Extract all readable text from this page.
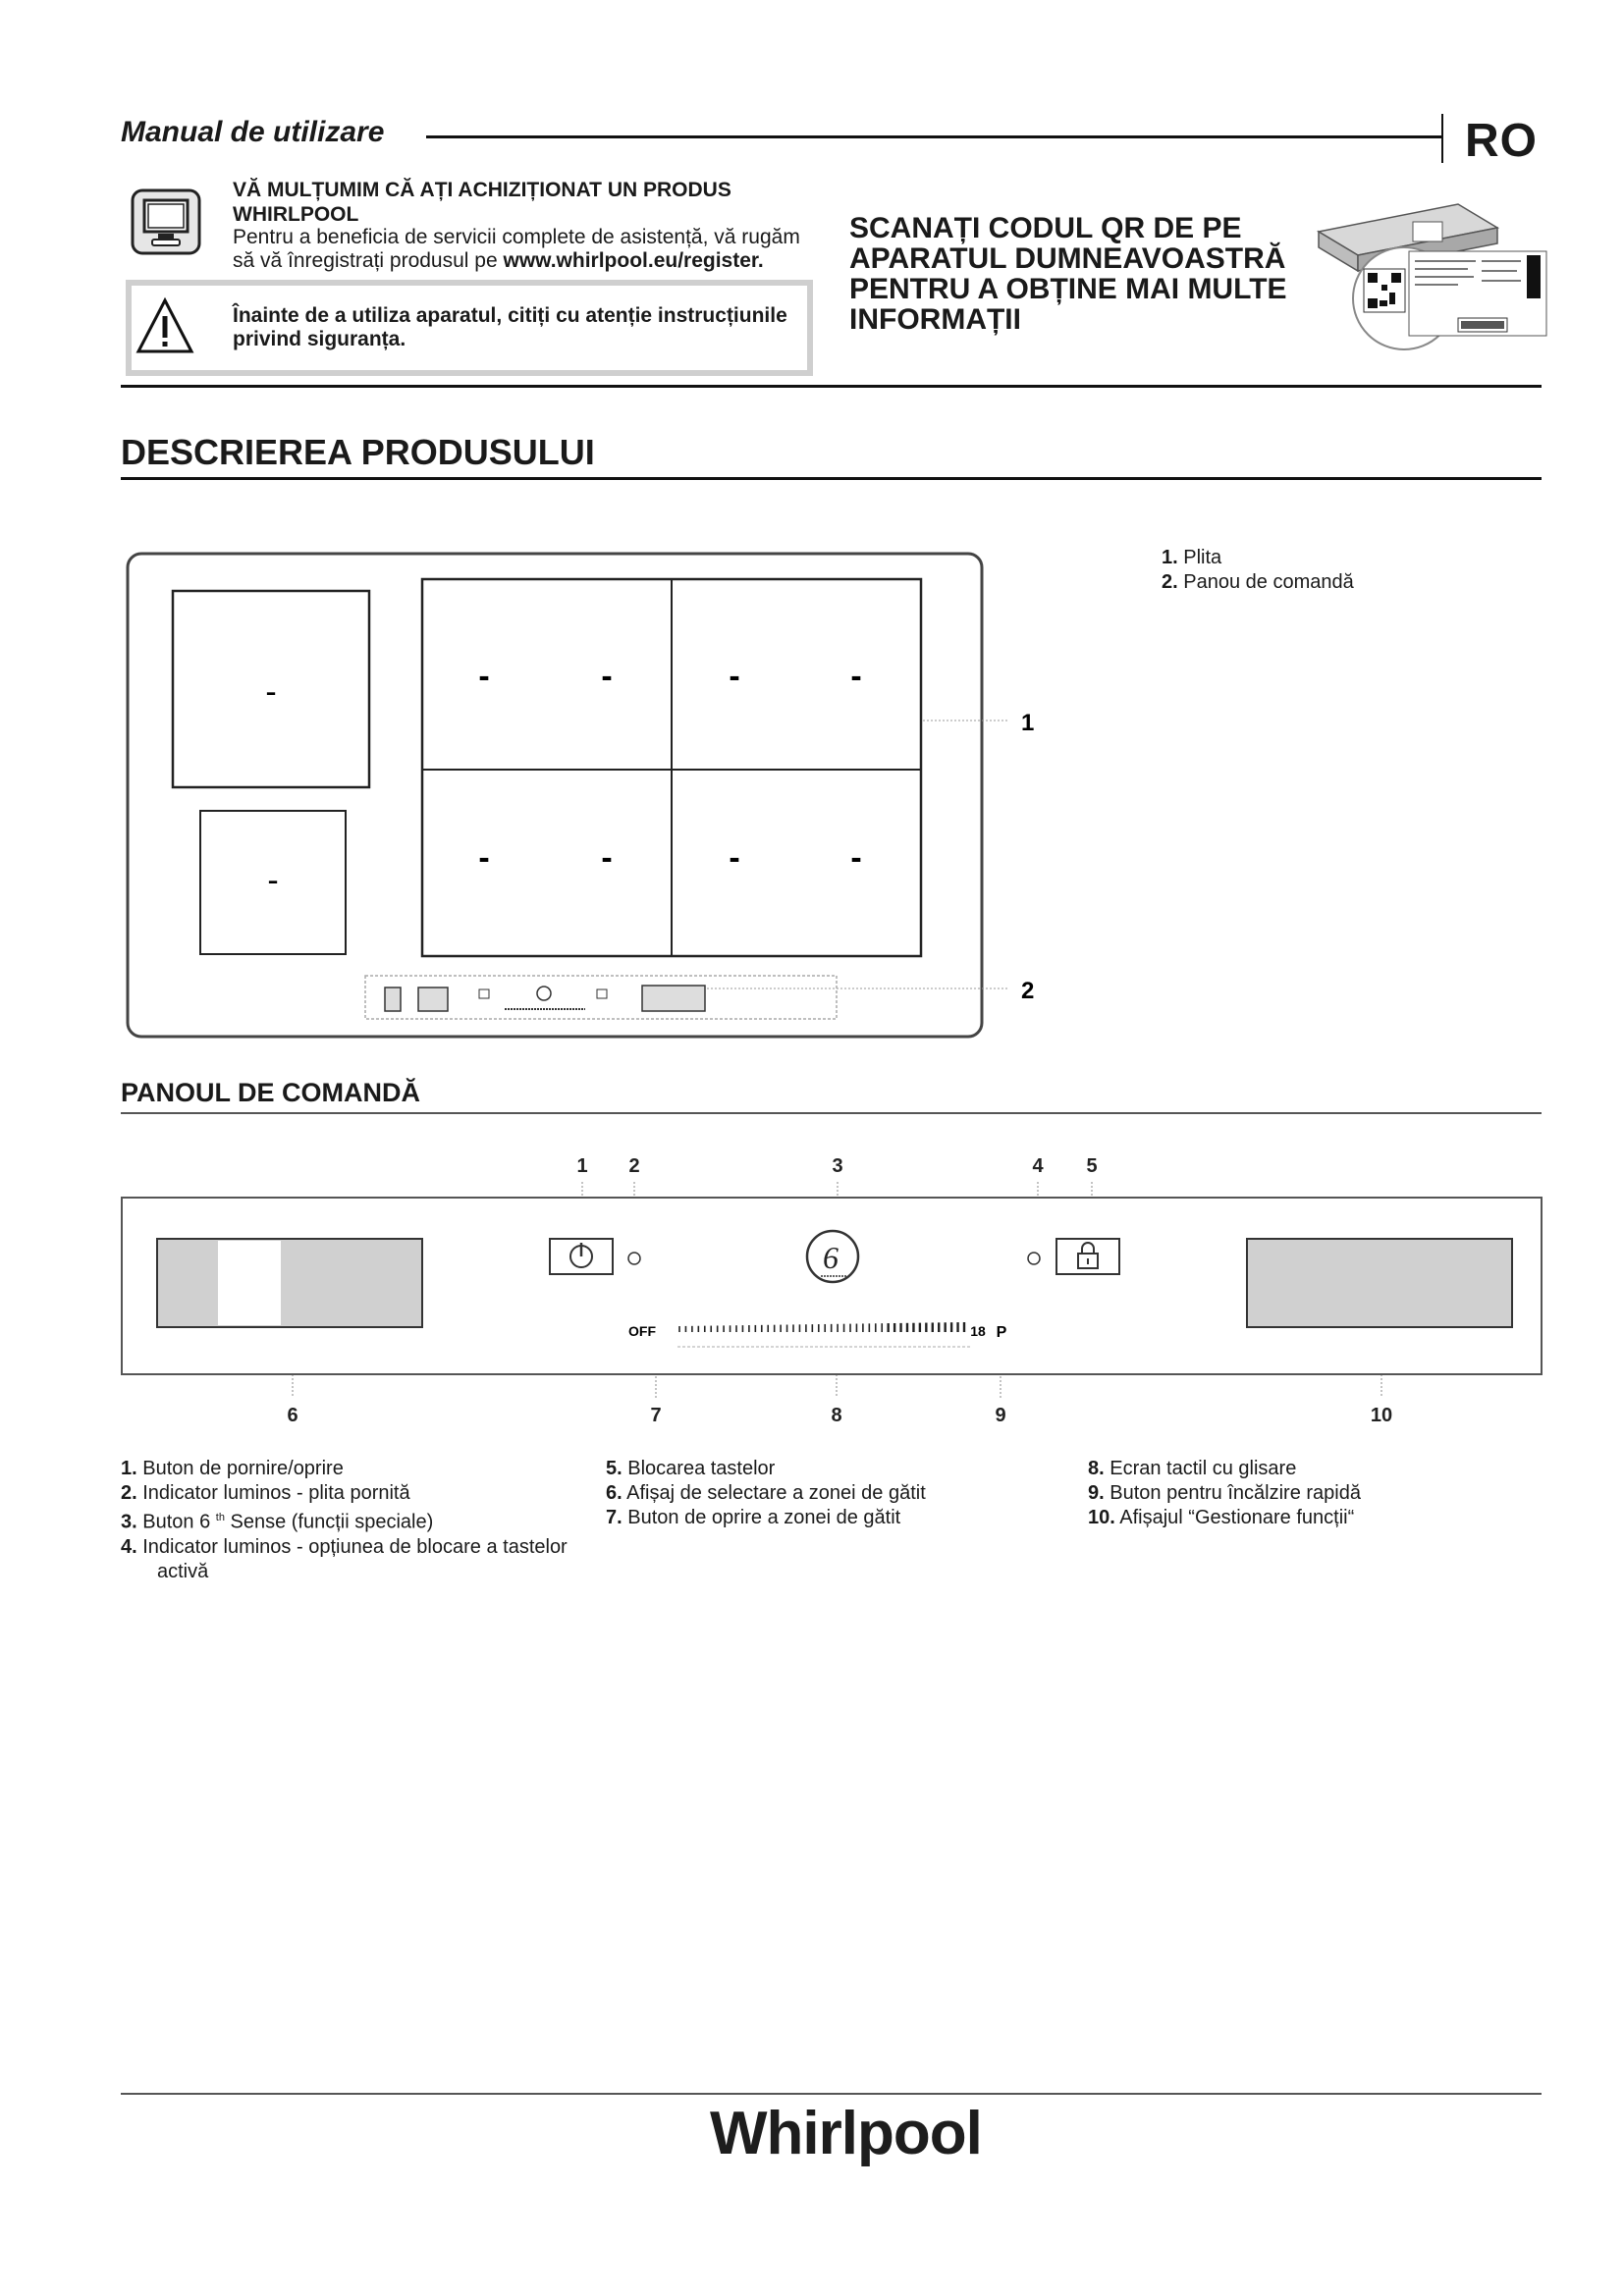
Manual de utilizare	RO
VĂ MULȚUMIM CĂ AȚI ACHIZIȚIONAT UN PRODUS WHIRLPOOL
Pentru a beneficia de servicii complete de asistență, vă rugăm să vă înregistrați produsul pe www.whirlpool.eu/register.
Înainte de a utiliza aparatul, citiți cu atenție instrucțiunile privind siguranța.
SCANAȚI CODUL QR DE PE APARATUL DUMNEAVOASTRĂ PENTRU A OBȚINE MAI MULTE INFORMAȚII
DESCRIEREA PRODUSULUI
-
-
-	-	-	-
-	-	-	-
1
2
1. Plita
2. Panou de comandă
PANOUL DE COMANDĂ
1 2	3	4 5
6	7	8	9	10
6
OFF	18 P
1. Buton de pornire/oprire
2. Indicator luminos - plita pornită
3. Buton 6 $^{th}$ Sense (funcții speciale)
4. Indicator luminos - opțiunea de blocare a tastelor
activă
5. Blocarea tastelor
6. Afișaj de selectare a zonei de gătit
7. Buton de oprire a zonei de gătit
8. Ecran tactil cu glisare
9. Buton pentru încălzire rapidă
10. Afișajul “Gestionare funcții“
Whirlpool
